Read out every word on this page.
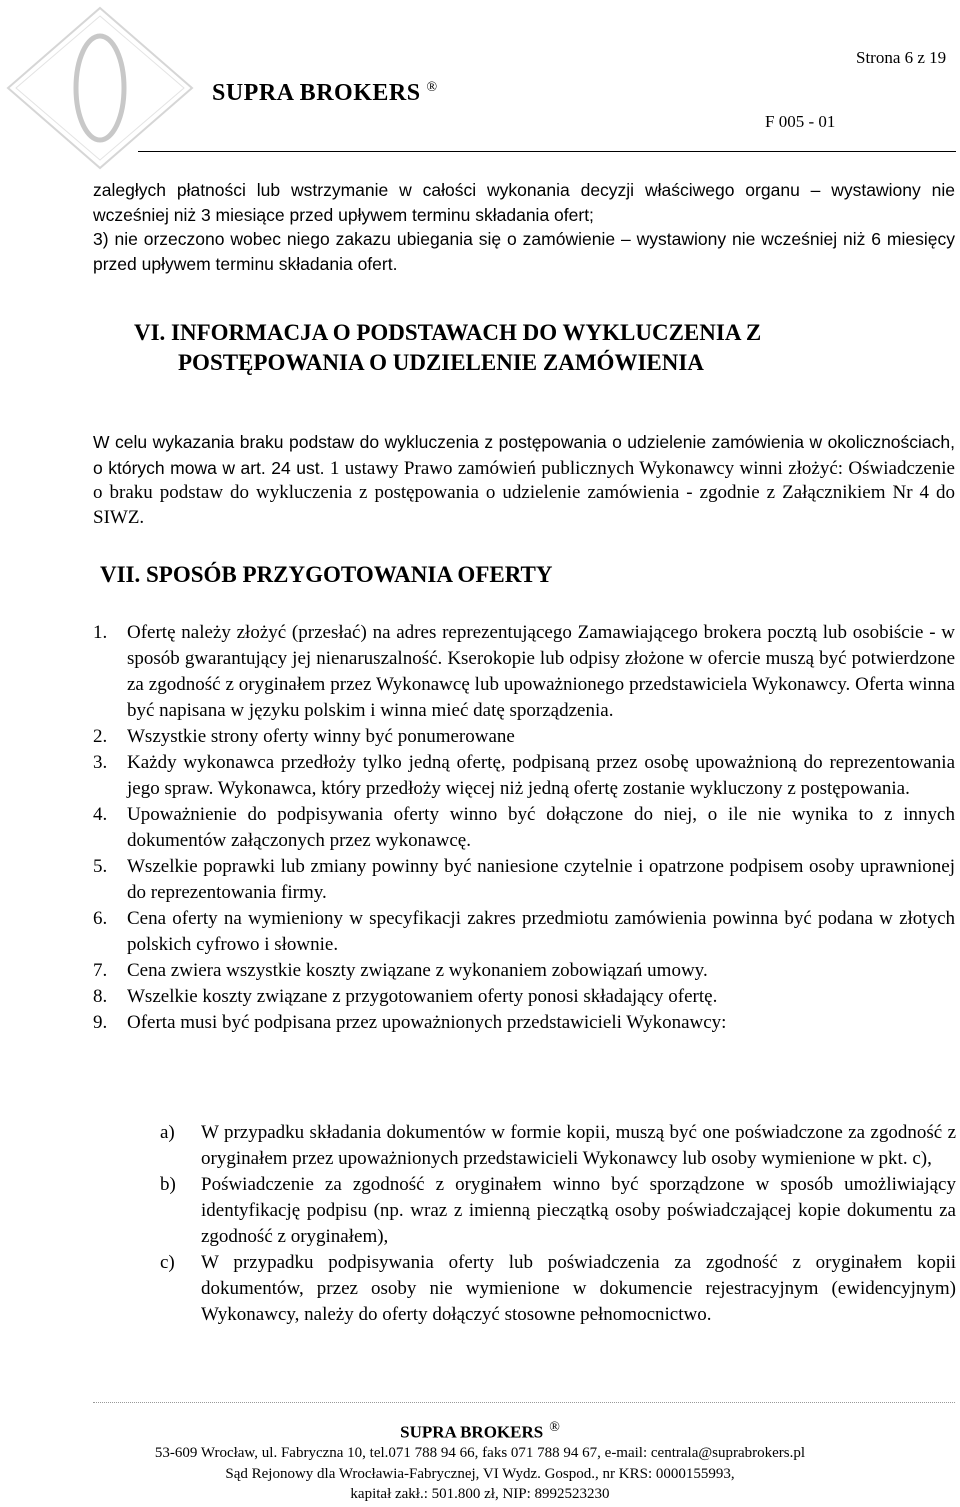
SUPRA BROKERS ®
Strona 6 z 19
F 005 - 01
zaległych płatności lub wstrzymanie w całości wykonania decyzji właściwego organu – wystawiony nie wcześniej niż 3 miesiące przed upływem terminu składania ofert;
3) nie orzeczono wobec niego zakazu ubiegania się o zamówienie – wystawiony nie wcześniej niż 6 miesięcy przed upływem terminu składania ofert.
VI. INFORMACJA O PODSTAWACH DO WYKLUCZENIA Z
POSTĘPOWANIA O UDZIELENIE ZAMÓWIENIA
W celu wykazania braku podstaw do wykluczenia z postępowania o udzielenie zamówienia w okolicznościach, o których mowa w art. 24 ust. 1 ustawy Prawo zamówień publicznych Wykonawcy winni złożyć: Oświadczenie o braku podstaw do wykluczenia z postępowania o udzielenie zamówienia - zgodnie z Załącznikiem Nr 4 do SIWZ.
VII. SPOSÓB PRZYGOTOWANIA OFERTY
1.	Ofertę należy złożyć (przesłać) na adres reprezentującego Zamawiającego brokera pocztą lub osobiście - w sposób gwarantujący jej nienaruszalność. Kserokopie lub odpisy złożone w ofercie muszą być potwierdzone za zgodność z oryginałem przez Wykonawcę lub upoważnionego przedstawiciela Wykonawcy. Oferta winna być napisana w języku polskim i winna mieć datę sporządzenia.
2.	Wszystkie strony oferty winny być ponumerowane
3.	Każdy wykonawca przedłoży tylko jedną ofertę, podpisaną przez osobę upoważnioną do reprezentowania jego spraw. Wykonawca, który przedłoży więcej niż jedną ofertę zostanie wykluczony z postępowania.
4.	Upoważnienie do podpisywania oferty winno być dołączone do niej, o ile nie wynika to z innych dokumentów załączonych przez wykonawcę.
5.	Wszelkie poprawki lub zmiany powinny być naniesione czytelnie i opatrzone podpisem osoby uprawnionej do reprezentowania firmy.
6.	Cena oferty na wymieniony w specyfikacji zakres przedmiotu zamówienia powinna być podana w złotych polskich cyfrowo i słownie.
7.	Cena zwiera wszystkie koszty związane z wykonaniem zobowiązań umowy.
8.	Wszelkie koszty związane z przygotowaniem oferty ponosi składający ofertę.
9.	Oferta musi być podpisana przez upoważnionych przedstawicieli Wykonawcy:
a)	W przypadku składania dokumentów w formie kopii, muszą być one poświadczone za zgodność z oryginałem przez upoważnionych przedstawicieli Wykonawcy lub osoby wymienione w pkt. c),
b)	Poświadczenie za zgodność z oryginałem winno być sporządzone w sposób umożliwiający identyfikację podpisu (np. wraz z imienną pieczątką osoby poświadczającej kopie dokumentu za zgodność z oryginałem),
c)	W przypadku podpisywania oferty lub poświadczenia za zgodność z oryginałem kopii dokumentów, przez osoby nie wymienione w dokumencie rejestracyjnym (ewidencyjnym) Wykonawcy, należy do oferty dołączyć stosowne pełnomocnictwo.
SUPRA BROKERS ®
53-609 Wrocław, ul. Fabryczna 10, tel.071 788 94 66, faks 071 788 94 67, e-mail: centrala@suprabrokers.pl
Sąd Rejonowy dla Wrocławia-Fabrycznej, VI Wydz. Gospod., nr KRS: 0000155993,
kapitał zakł.: 501.800 zł, NIP: 8992523230
